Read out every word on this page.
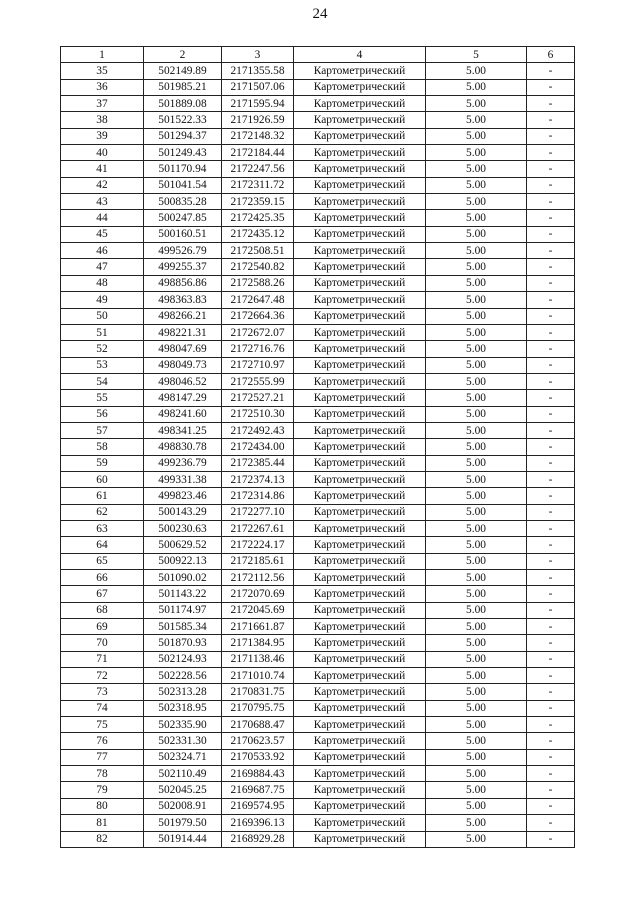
24
1	2	3	4	5	6
35	502149.89	2171355.58	Картометрический	5.00	-
36	501985.21	2171507.06	Картометрический	5.00	-
37	501889.08	2171595.94	Картометрический	5.00	-
38	501522.33	2171926.59	Картометрический	5.00	-
39	501294.37	2172148.32	Картометрический	5.00	-
40	501249.43	2172184.44	Картометрический	5.00	-
41	501170.94	2172247.56	Картометрический	5.00	-
42	501041.54	2172311.72	Картометрический	5.00	-
43	500835.28	2172359.15	Картометрический	5.00	-
44	500247.85	2172425.35	Картометрический	5.00	-
45	500160.51	2172435.12	Картометрический	5.00	-
46	499526.79	2172508.51	Картометрический	5.00	-
47	499255.37	2172540.82	Картометрический	5.00	-
48	498856.86	2172588.26	Картометрический	5.00	-
49	498363.83	2172647.48	Картометрический	5.00	-
50	498266.21	2172664.36	Картометрический	5.00	-
51	498221.31	2172672.07	Картометрический	5.00	-
52	498047.69	2172716.76	Картометрический	5.00	-
53	498049.73	2172710.97	Картометрический	5.00	-
54	498046.52	2172555.99	Картометрический	5.00	-
55	498147.29	2172527.21	Картометрический	5.00	-
56	498241.60	2172510.30	Картометрический	5.00	-
57	498341.25	2172492.43	Картометрический	5.00	-
58	498830.78	2172434.00	Картометрический	5.00	-
59	499236.79	2172385.44	Картометрический	5.00	-
60	499331.38	2172374.13	Картометрический	5.00	-
61	499823.46	2172314.86	Картометрический	5.00	-
62	500143.29	2172277.10	Картометрический	5.00	-
63	500230.63	2172267.61	Картометрический	5.00	-
64	500629.52	2172224.17	Картометрический	5.00	-
65	500922.13	2172185.61	Картометрический	5.00	-
66	501090.02	2172112.56	Картометрический	5.00	-
67	501143.22	2172070.69	Картометрический	5.00	-
68	501174.97	2172045.69	Картометрический	5.00	-
69	501585.34	2171661.87	Картометрический	5.00	-
70	501870.93	2171384.95	Картометрический	5.00	-
71	502124.93	2171138.46	Картометрический	5.00	-
72	502228.56	2171010.74	Картометрический	5.00	-
73	502313.28	2170831.75	Картометрический	5.00	-
74	502318.95	2170795.75	Картометрический	5.00	-
75	502335.90	2170688.47	Картометрический	5.00	-
76	502331.30	2170623.57	Картометрический	5.00	-
77	502324.71	2170533.92	Картометрический	5.00	-
78	502110.49	2169884.43	Картометрический	5.00	-
79	502045.25	2169687.75	Картометрический	5.00	-
80	502008.91	2169574.95	Картометрический	5.00	-
81	501979.50	2169396.13	Картометрический	5.00	-
82	501914.44	2168929.28	Картометрический	5.00	-
